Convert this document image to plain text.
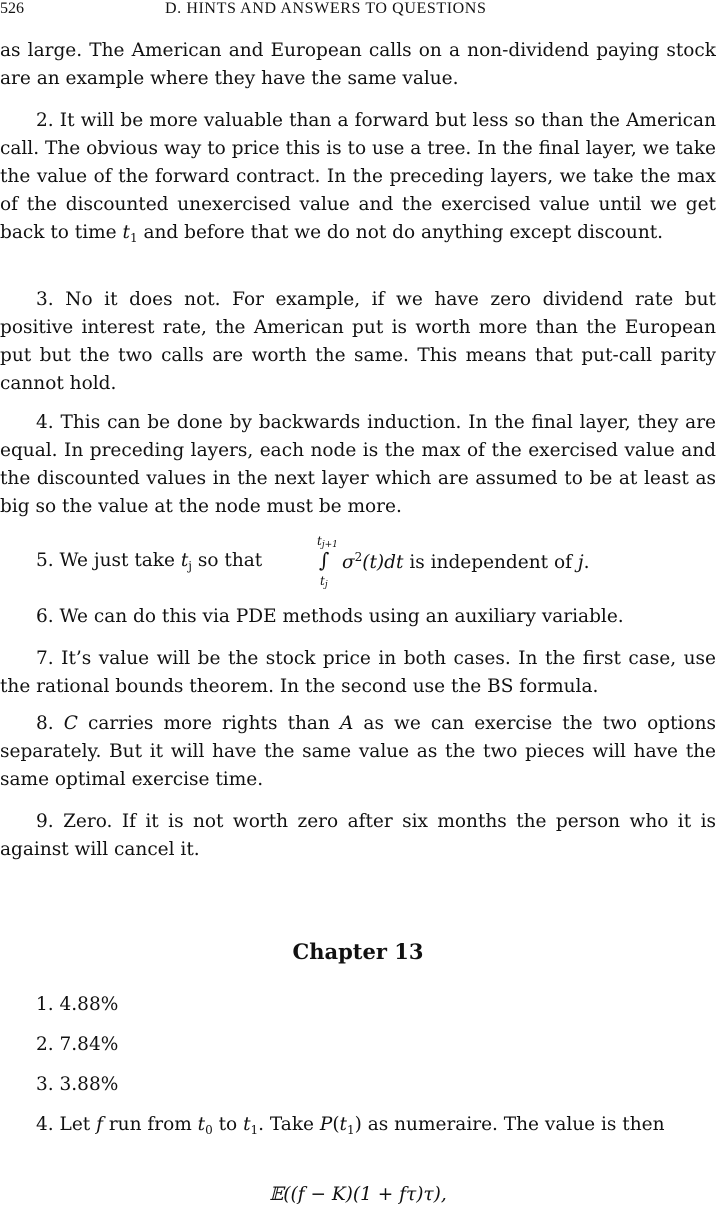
526	D. HINTS AND ANSWERS TO QUESTIONS

as large. The American and European calls on a non-dividend paying stock are an example where they have the same value.

2. It will be more valuable than a forward but less so than the American call. The obvious way to price this is to use a tree. In the final layer, we take the value of the forward contract. In the preceding layers, we take the max of the discounted unexercised value and the exercised value until we get back to time $t_1$ and before that we do not do anything except discount.

3. No it does not. For example, if we have zero dividend rate but positive interest rate, the American put is worth more than the European put but the two calls are worth the same. This means that put-call parity cannot hold.

4. This can be done by backwards induction. In the final layer, they are equal. In preceding layers, each node is the max of the exercised value and the discounted values in the next layer which are assumed to be at least as big so the value at the node must be more.

5. We just take $t_j$ so that
tj+1
∫
tj
$\sigma^2(t)dt$ is independent of j.

6. We can do this via PDE methods using an auxiliary variable.

7. It’s value will be the stock price in both cases. In the first case, use the rational bounds theorem. In the second use the BS formula.

8. C carries more rights than A as we can exercise the two options separately. But it will have the same value as the two pieces will have the same optimal exercise time.

9. Zero. If it is not worth zero after six months the person who it is against will cancel it.

Chapter 13
1. 4.88%
2. 7.84%
3. 3.88%

4. Let f run from $t_0$ to $t_1$. Take $P(t_1)$ as numeraire. The value is then

𝔼((f − K)(1 + fτ)τ),
